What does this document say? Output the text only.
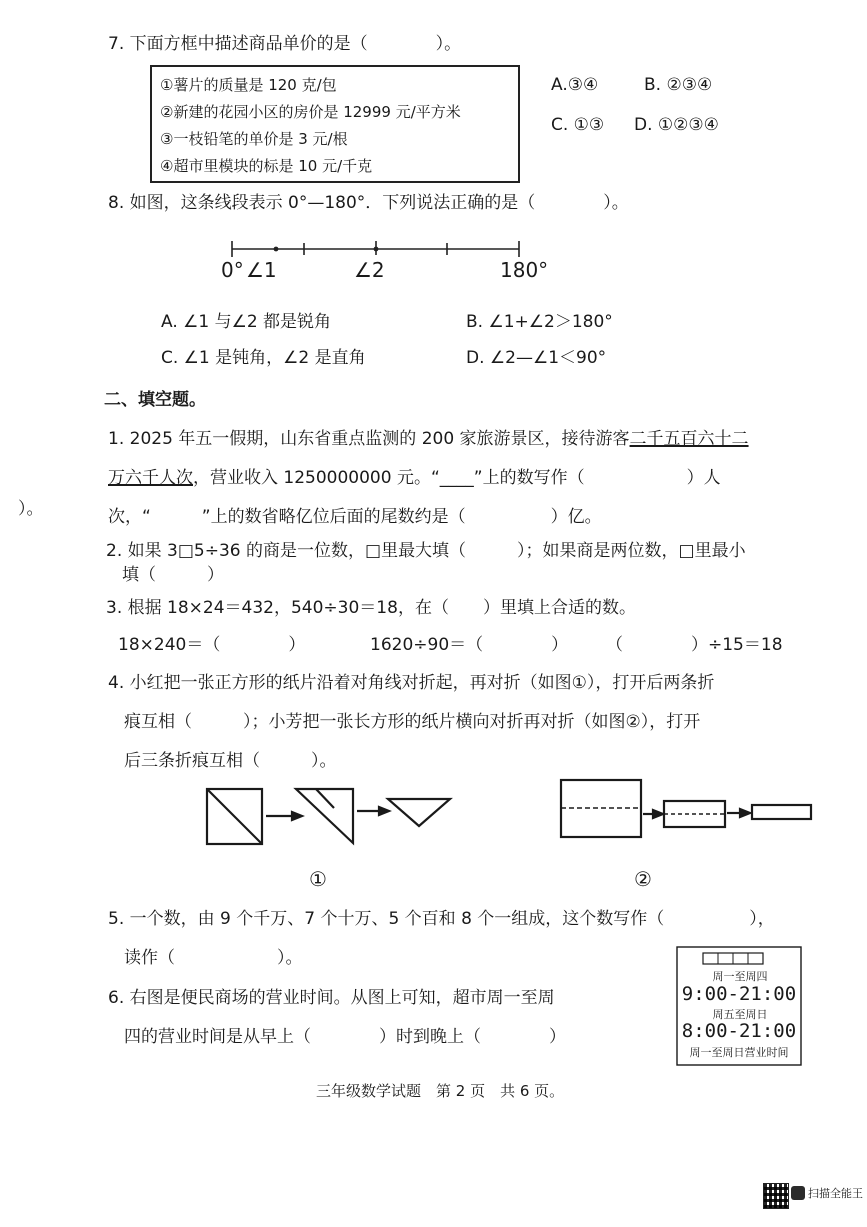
7. 下面方框中描述商品单价的是（　　　　）。
①薯片的质量是 120 克/包
②新建的花园小区的房价是 12999 元/平方米
③一枝铅笔的单价是 3 元/根
④超市里模块的标是 10 元/千克
A.③④	B. ②③④
C. ①③ D. ①②③④
8. 如图，这条线段表示 0°—180°．下列说法正确的是（　　　　）。
0° ∠1	∠2	180°
A. ∠1 与∠2 都是锐角	B. ∠1+∠2＞180°
C. ∠1 是钝角，∠2 是直角	D. ∠2—∠1＜90°
二、填空题。
1. 2025 年五一假期，山东省重点监测的 200 家旅游景区，接待游客二千五百六十二
万六千人次，营业收入 1250000000 元。“____”上的数写作（　　　　　　）人
次，“　　　”上的数省略亿位后面的尾数约是（　　　　　）亿。
）。
2. 如果 3□5÷36 的商是一位数，□里最大填（　　　）；如果商是两位数，□里最小
填（　　　）
3. 根据 18×24＝432，540÷30＝18，在（　　）里填上合适的数。
18×240＝（　　　　）	1620÷90＝（　　　　） （　　　　）÷15＝18
4. 小红把一张正方形的纸片沿着对角线对折起，再对折（如图①），打开后两条折
痕互相（　　　）；小芳把一张长方形的纸片横向对折再对折（如图②），打开
后三条折痕互相（　　　）。
①	②
5. 一个数，由 9 个千万、7 个十万、5 个百和 8 个一组成，这个数写作（　　　　　），
读作（　　　　　　）。
6. 右图是便民商场的营业时间。从图上可知，超市周一至周
四的营业时间是从早上（　　　　）时到晚上（　　　　）
周一至周四
9:00-21:00
周五至周日
8:00-21:00
周一至周日营业时间
三年级数学试题　第 2 页　共 6 页。
扫描全能王
